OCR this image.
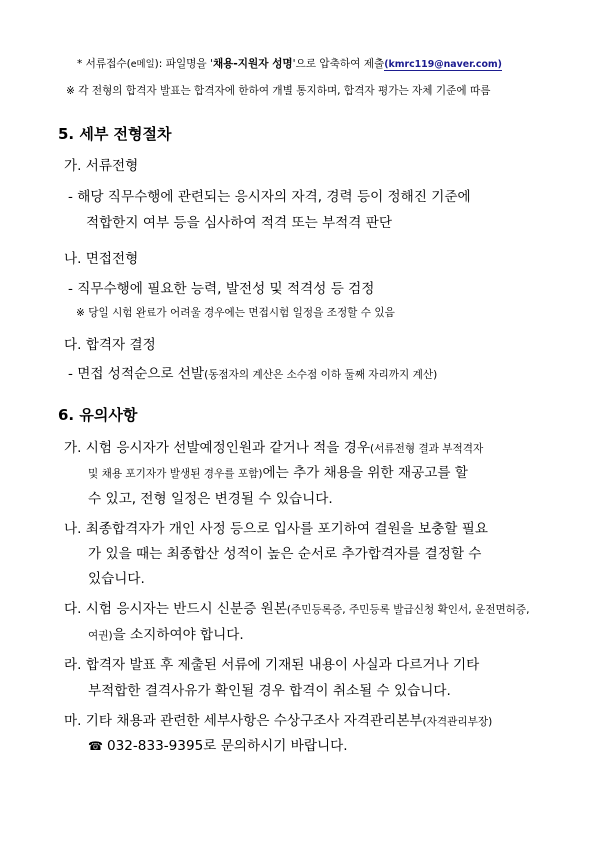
* 서류접수(e메일): 파일명을 '채용-지원자 성명'으로 압축하여 제출(kmrc119@naver.com)
※ 각 전형의 합격자 발표는 합격자에 한하여 개별 통지하며, 합격자 평가는 자체 기준에 따름
5. 세부 전형절차
가. 서류전형
- 해당 직무수행에 관련되는 응시자의 자격, 경력 등이 정해진 기준에
적합한지 여부 등을 심사하여 적격 또는 부적격 판단
나. 면접전형
- 직무수행에 필요한 능력, 발전성 및 적격성 등 검정
※ 당일 시험 완료가 어려울 경우에는 면접시험 일정을 조정할 수 있음
다. 합격자 결정
- 면접 성적순으로 선발(동점자의 계산은 소수점 이하 둘째 자리까지 계산)
6. 유의사항
가. 시험 응시자가 선발예정인원과 같거나 적을 경우(서류전형 결과 부적격자
및 채용 포기자가 발생된 경우를 포함)에는 추가 채용을 위한 재공고를 할
수 있고, 전형 일정은 변경될 수 있습니다.
나. 최종합격자가 개인 사정 등으로 입사를 포기하여 결원을 보충할 필요
가 있을 때는 최종합산 성적이 높은 순서로 추가합격자를 결정할 수
있습니다.
다. 시험 응시자는 반드시 신분증 원본(주민등록증, 주민등록 발급신청 확인서, 운전면허증,
여권)을 소지하여야 합니다.
라. 합격자 발표 후 제출된 서류에 기재된 내용이 사실과 다르거나 기타
부적합한 결격사유가 확인될 경우 합격이 취소될 수 있습니다.
마. 기타 채용과 관련한 세부사항은 수상구조사 자격관리본부(자격관리부장)
☎ 032-833-9395로 문의하시기 바랍니다.
